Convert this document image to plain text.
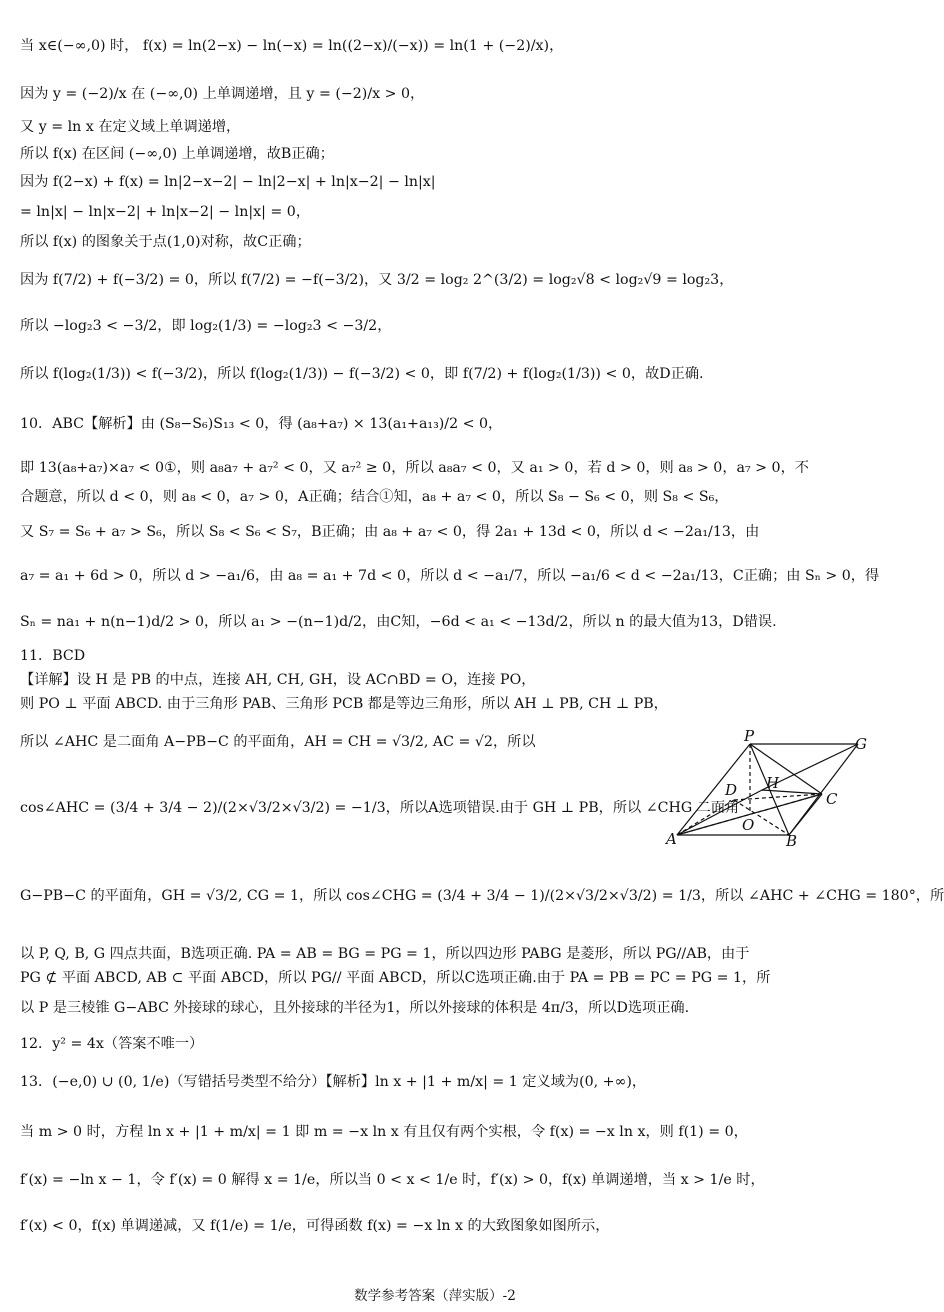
当 x∈(−∞,0) 时， f(x) = ln(2−x) − ln(−x) = ln((2−x)/(−x)) = ln(1 + (−2)/x)，
因为 y = (−2)/x 在 (−∞,0) 上单调递增，且 y = (−2)/x > 0，
又 y = ln x 在定义域上单调递增，
所以 f(x) 在区间 (−∞,0) 上单调递增，故B正确；
因为 f(2−x) + f(x) = ln|2−x−2| − ln|2−x| + ln|x−2| − ln|x|
= ln|x| − ln|x−2| + ln|x−2| − ln|x| = 0，
所以 f(x) 的图象关于点(1,0)对称，故C正确；
因为 f(7/2) + f(−3/2) = 0，所以 f(7/2) = −f(−3/2)，又 3/2 = log₂ 2^(3/2) = log₂√8 < log₂√9 = log₂3，
所以 −log₂3 < −3/2，即 log₂(1/3) = −log₂3 < −3/2，
所以 f(log₂(1/3)) < f(−3/2)，所以 f(log₂(1/3)) − f(−3/2) < 0，即 f(7/2) + f(log₂(1/3)) < 0，故D正确.
10．ABC【解析】由 (S₈−S₆)S₁₃ < 0，得 (a₈+a₇) × 13(a₁+a₁₃)/2 < 0，
即 13(a₈+a₇)×a₇ < 0①，则 a₈a₇ + a₇² < 0，又 a₇² ≥ 0，所以 a₈a₇ < 0，又 a₁ > 0，若 d > 0，则 a₈ > 0，a₇ > 0，不
合题意，所以 d < 0，则 a₈ < 0，a₇ > 0，A正确；结合①知，a₈ + a₇ < 0，所以 S₈ − S₆ < 0，则 S₈ < S₆，
又 S₇ = S₆ + a₇ > S₆，所以 S₈ < S₆ < S₇，B正确；由 a₈ + a₇ < 0，得 2a₁ + 13d < 0，所以 d < −2a₁/13，由
a₇ = a₁ + 6d > 0，所以 d > −a₁/6，由 a₈ = a₁ + 7d < 0，所以 d < −a₁/7，所以 −a₁/6 < d < −2a₁/13，C正确；由 Sₙ > 0，得
Sₙ = na₁ + n(n−1)d/2 > 0，所以 a₁ > −(n−1)d/2，由C知，−6d < a₁ < −13d/2，所以 n 的最大值为13，D错误.
11．BCD
【详解】设 H 是 PB 的中点，连接 AH, CH, GH，设 AC∩BD = O，连接 PO，
则 PO ⊥ 平面 ABCD. 由于三角形 PAB、三角形 PCB 都是等边三角形，所以 AH ⊥ PB, CH ⊥ PB，
所以 ∠AHC 是二面角 A−PB−C 的平面角，AH = CH = √3/2, AC = √2，所以
cos∠AHC = (3/4 + 3/4 − 2)/(2×√3/2×√3/2) = −1/3，所以A选项错误.由于 GH ⊥ PB，所以 ∠CHG 二面角
P	G
D H
C
O
A	B
G−PB−C 的平面角，GH = √3/2, CG = 1，所以 cos∠CHG = (3/4 + 3/4 − 1)/(2×√3/2×√3/2) = 1/3，所以 ∠AHC + ∠CHG = 180°，所
以 P, Q, B, G 四点共面，B选项正确. PA = AB = BG = PG = 1，所以四边形 PABG 是菱形，所以 PG//AB，由于
PG ⊄ 平面 ABCD, AB ⊂ 平面 ABCD，所以 PG// 平面 ABCD，所以C选项正确.由于 PA = PB = PC = PG = 1，所
以 P 是三棱锥 G−ABC 外接球的球心，且外接球的半径为1，所以外接球的体积是 4π/3，所以D选项正确.
12．y² = 4x（答案不唯一）
13．(−e,0) ∪ (0, 1/e)（写错括号类型不给分）【解析】ln x + |1 + m/x| = 1 定义域为(0, +∞)，
当 m > 0 时，方程 ln x + |1 + m/x| = 1 即 m = −x ln x 有且仅有两个实根，令 f(x) = −x ln x，则 f(1) = 0，
f′(x) = −ln x − 1，令 f′(x) = 0 解得 x = 1/e，所以当 0 < x < 1/e 时，f′(x) > 0，f(x) 单调递增，当 x > 1/e 时，
f′(x) < 0，f(x) 单调递减，又 f(1/e) = 1/e，可得函数 f(x) = −x ln x 的大致图象如图所示，
数学参考答案（萍实版）-2
